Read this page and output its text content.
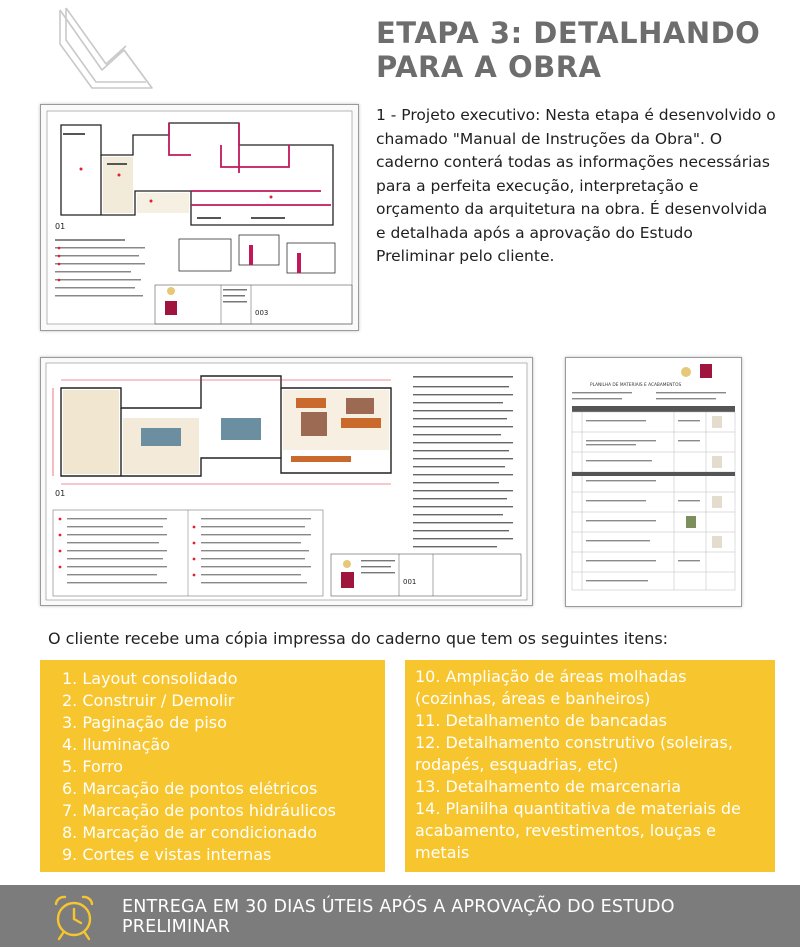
ETAPA 3: DETALHANDO
PARA A OBRA

1 - Projeto executivo: Nesta etapa é desenvolvido o chamado "Manual de Instruções da Obra". O caderno conterá todas as informações necessárias para a perfeita execução, interpretação e orçamento da arquitetura na obra. É desenvolvida e detalhada após a aprovação do Estudo Preliminar pelo cliente.

01
003
01
001
PLANILHA DE MATERIAIS E ACABAMENTOS

O cliente recebe uma cópia impressa do caderno que tem os seguintes itens:

1. Layout consolidado
2. Construir / Demolir
3. Paginação de piso
4. Iluminação
5. Forro
6. Marcação de pontos elétricos
7. Marcação de pontos hidráulicos
8. Marcação de ar condicionado
9. Cortes e vistas internas
10. Ampliação de áreas molhadas (cozinhas, áreas e banheiros)
11. Detalhamento de bancadas
12. Detalhamento construtivo (soleiras, rodapés, esquadrias, etc)
13. Detalhamento de marcenaria
14. Planilha quantitativa de materiais de acabamento, revestimentos, louças e metais

ENTREGA EM 30 DIAS ÚTEIS APÓS A APROVAÇÃO DO ESTUDO PRELIMINAR
